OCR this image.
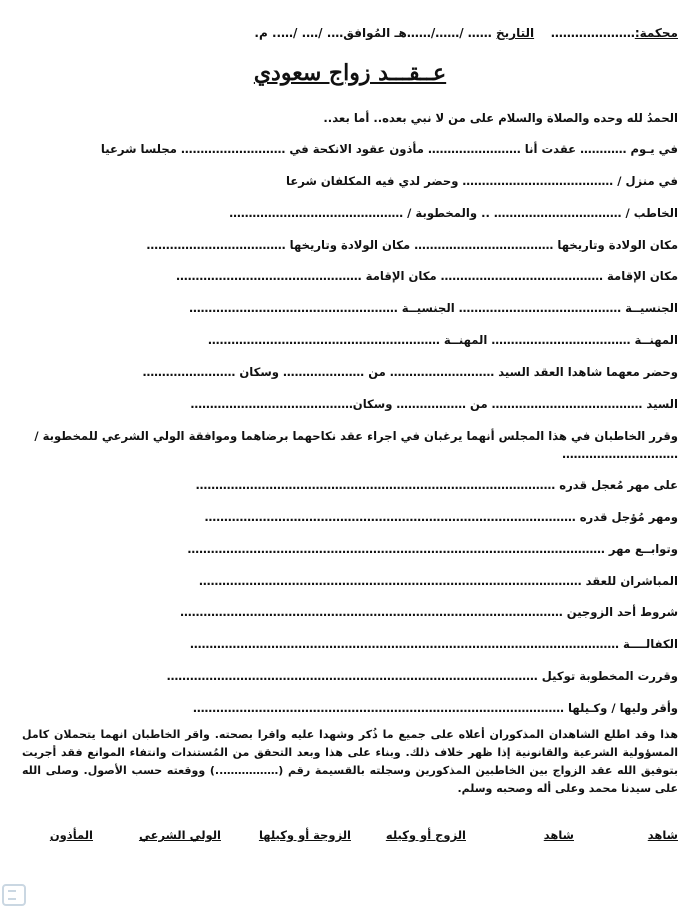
محكمة:…………………    التاريخ …… /……/……هـ المُوافق…. /…. /….. م.
عــقـــد زواج سعودي
الحمدُ لله وحده والصلاة والسلام على من لا نبي بعده.. أما بعد..
في يـوم ………… عقدت أنا …………………… مأذون عقود الانكحة في ……………………… مجلسا شرعيا
في منزل / ………………………………… وحضر لدي فيه المكلفان شرعا
الخاطب / …………………………… .. والمخطوبة / ………………………………………
مكان الولادة وتاريخها ……………………………… مكان الولادة وتاريخها ………………………………
مكان الإقامة …………………………………… مكان الإقامة …………………………………………
الجنسيــة …………………………………… الجنسيــة ………………………………………………
المهنــة ……………………………… المهنــة ……………………………………………………
وحضر معهما شاهدا العقد السيد ……………………… من ………………… وسكان ……………………
السيد ………………………………… من ……………… وسكان……………………………………
وقرر الخاطبان في هذا المجلس أنهما يرغبان في اجراء عقد نكاحهما برضاهما وموافقة الولي الشرعي للمخطوبة /
…………………………
على مهر مُعجل قدره …………………………………………………………………………………
ومهر مُؤجل قدره ……………………………………………………………………………………
وتوابــع مهر ………………………………………………………………………………………………
المباشران للعقد ………………………………………………………………………………………
شروط أحد الزوجين ………………………………………………………………………………………
الكفالــــة …………………………………………………………………………………………………
وقررت المخطوبة توكيل ……………………………………………………………………………………
وأقر وليها / وكـيلها ……………………………………………………………………………………
هذا وقد اطلع الشاهدان المذكوران أعلاه على جميع ما ذُكر وشهدا عليه واقرا بصحته. واقر الخاطبان انهما يتحملان كامل المسؤولية الشرعية والقانونية إذا ظهر خلاف ذلك. وبناء على هذا وبعد التحقق من المُستندات وانتفاء الموانع فقد أجريت بتوفيق الله عقد الزواج بين الخاطبين المذكورين وسجلته بالقسيمة رقم (……………..) ووقعته حسب الأصول. وصلى الله على سيدنا محمد وعلى أله وصحبه وسلم.
شاهد
شاهد
الزوج أو وكيله
الزوجة أو وكيلها
الولي الشرعي
المأذون
